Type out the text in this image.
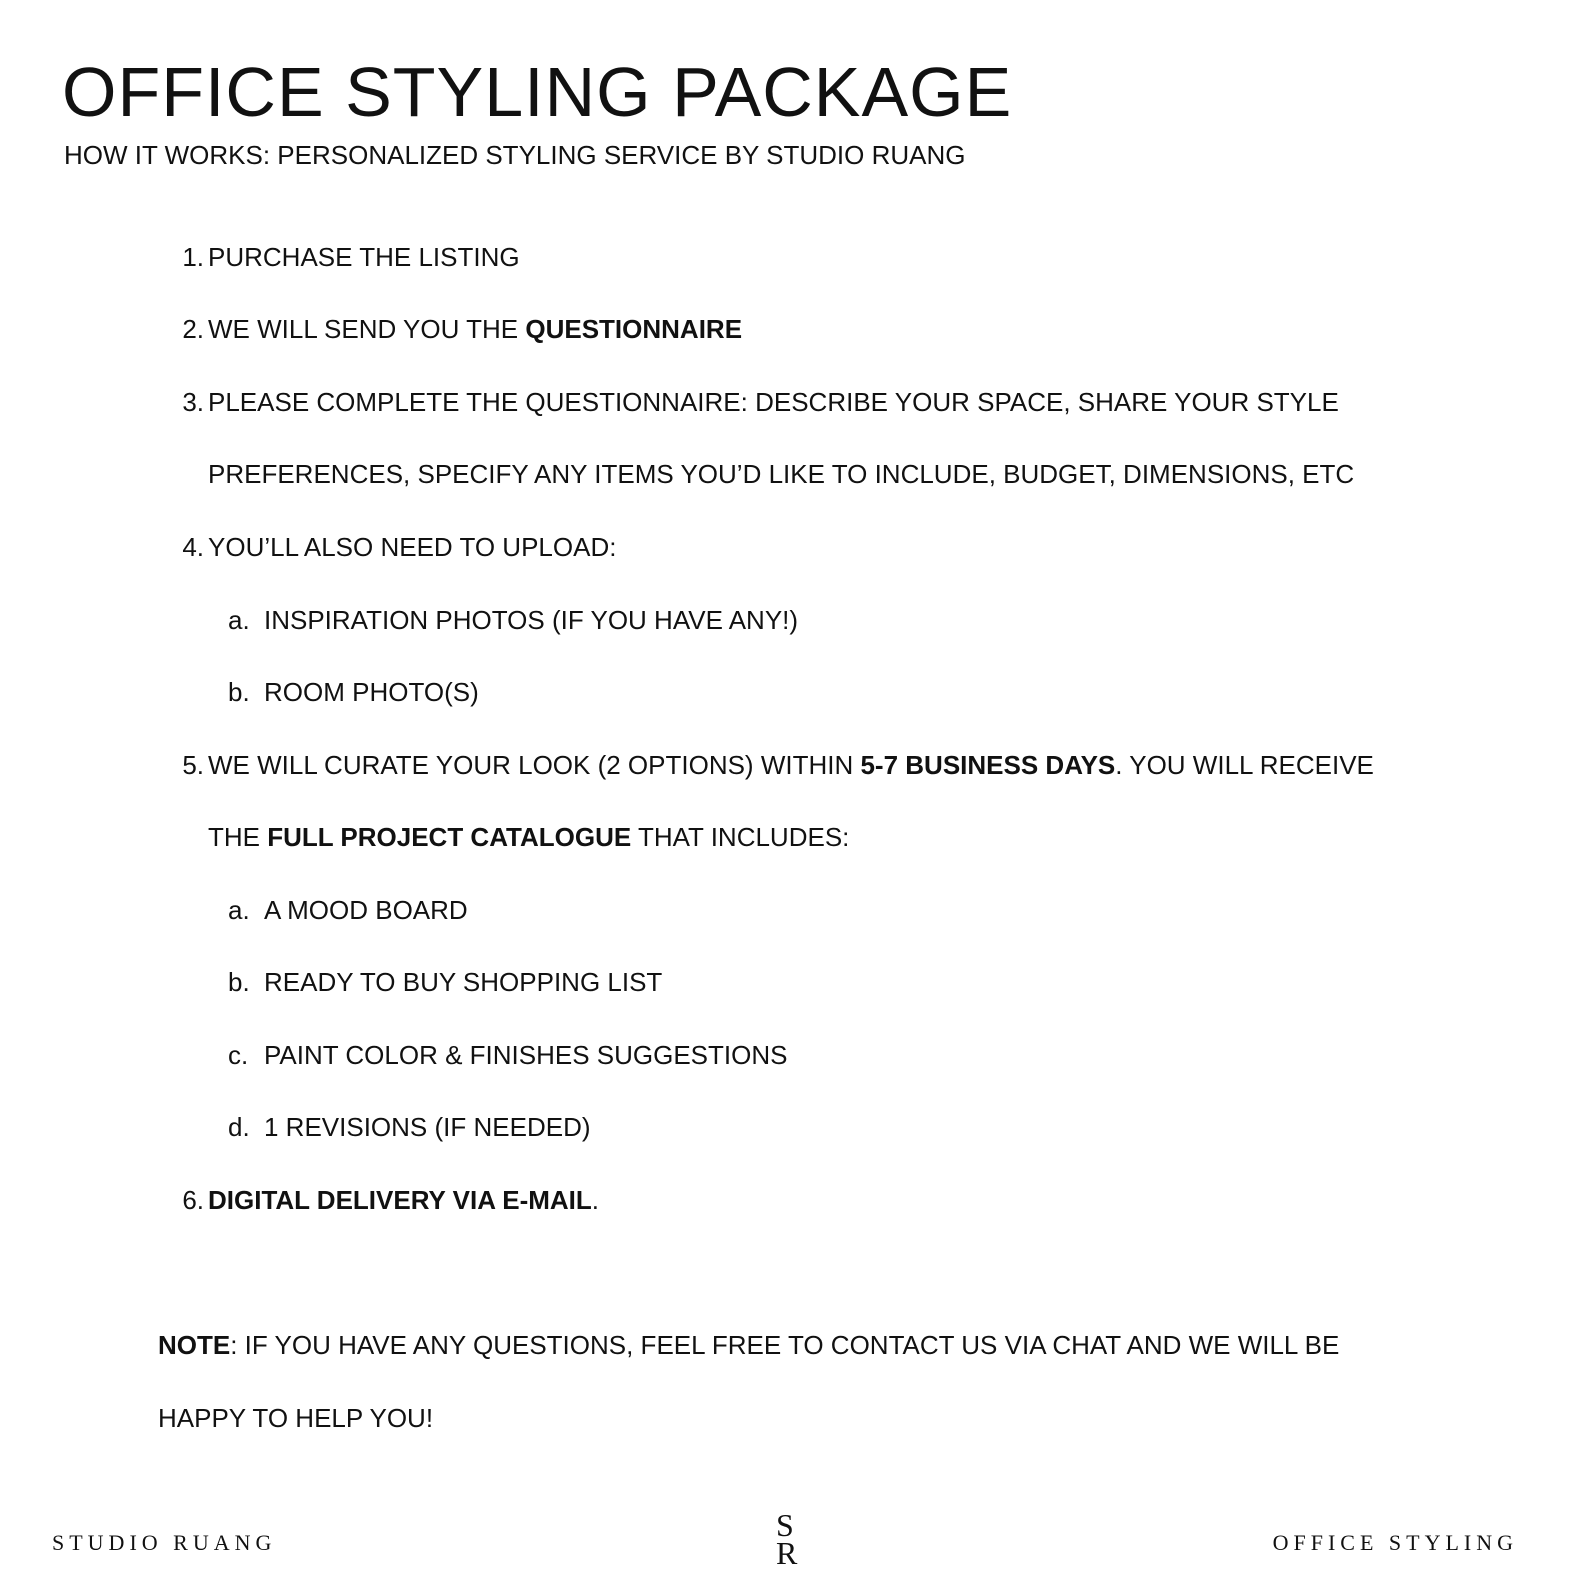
OFFICE STYLING PACKAGE
HOW IT WORKS: PERSONALIZED STYLING SERVICE BY STUDIO RUANG
1. PURCHASE THE LISTING
2. WE WILL SEND YOU THE QUESTIONNAIRE
3. PLEASE COMPLETE THE QUESTIONNAIRE: DESCRIBE YOUR SPACE, SHARE YOUR STYLE
PREFERENCES, SPECIFY ANY ITEMS YOU’D LIKE TO INCLUDE, BUDGET, DIMENSIONS, ETC
4. YOU’LL ALSO NEED TO UPLOAD:
a. INSPIRATION PHOTOS (IF YOU HAVE ANY!)
b. ROOM PHOTO(S)
5. WE WILL CURATE YOUR LOOK (2 OPTIONS) WITHIN 5-7 BUSINESS DAYS. YOU WILL RECEIVE
THE FULL PROJECT CATALOGUE THAT INCLUDES:
a. A MOOD BOARD
b. READY TO BUY SHOPPING LIST
c. PAINT COLOR & FINISHES SUGGESTIONS
d. 1 REVISIONS (IF NEEDED)
6. DIGITAL DELIVERY VIA E-MAIL.
NOTE: IF YOU HAVE ANY QUESTIONS, FEEL FREE TO CONTACT US VIA CHAT AND WE WILL BE
HAPPY TO HELP YOU!
STUDIO RUANG	S
R	OFFICE STYLING
